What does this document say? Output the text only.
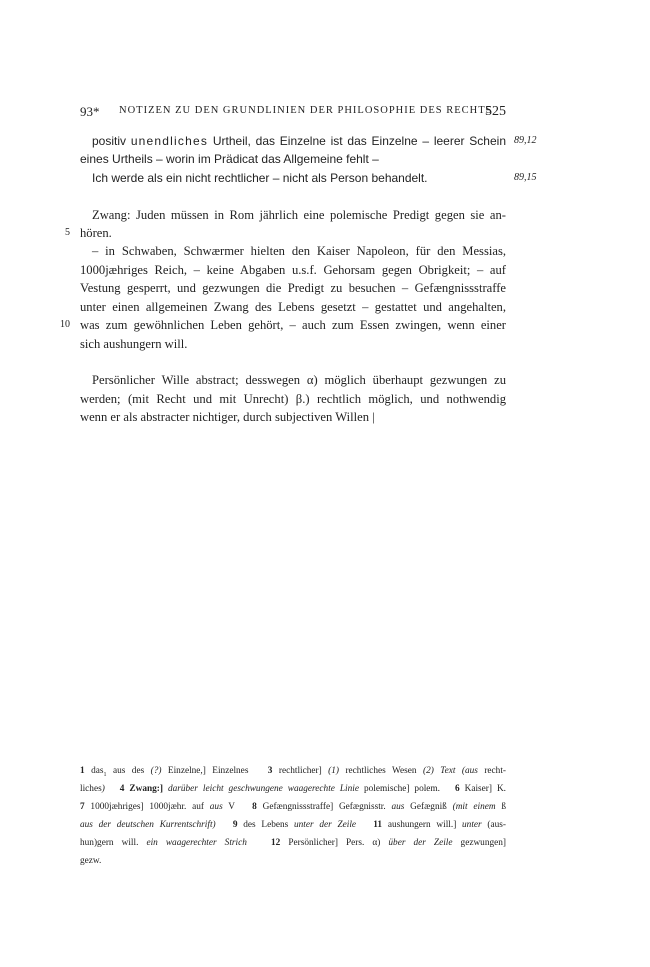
93* NOTIZEN ZU DEN GRUNDLINIEN DER PHILOSOPHIE DES RECHTS
525
positiv unendliches Urtheil, das Einzelne ist das Einzelne – leerer Schein 89,12
eines Urtheils – worin im Prädicat das Allgemeine fehlt –
Ich werde als ein nicht rechtlicher – nicht als Person behandelt.	89,15
Zwang: Juden müssen in Rom jährlich eine polemische Predigt gegen sie an-
5 hören.
– in Schwaben, Schwærmer hielten den Kaiser Napoleon, für den Messias,
1000jæhriges Reich, – keine Abgaben u.s.f. Gehorsam gegen Obrigkeit; – auf
Vestung gesperrt, und gezwungen die Predigt zu besuchen – Gefængnissstraffe
unter einen allgemeinen Zwang des Lebens gesetzt – gestattet und angehalten,
10 was zum gewöhnlichen Leben gehört, – auch zum Essen zwingen, wenn einer
sich aushungern will.
Persönlicher Wille abstract; desswegen α) möglich überhaupt gezwungen zu
werden; (mit Recht und mit Unrecht) β.) rechtlich möglich, und nothwendig
wenn er als abstracter nichtiger, durch subjectiven Willen |
1 das$_1$ aus des (?) Einzelne,] Einzelnes 3 rechtlicher] (1) rechtliches Wesen (2) Text (aus recht-
liches) 4 Zwang:] darüber leicht geschwungene waagerechte Linie polemische] polem. 6 Kaiser] K.
7 1000jæhriges] 1000jæhr. auf aus V 8 Gefængnissstraffe] Gefægnisstr. aus Gefægniß (mit einem ß
aus der deutschen Kurrentschrift) 9 des Lebens unter der Zeile 11 aushungern will.] unter (aus-
hun)gern will. ein waagerechter Strich	12 Persönlicher] Pers. α) über der Zeile gezwungen]
gezw.
